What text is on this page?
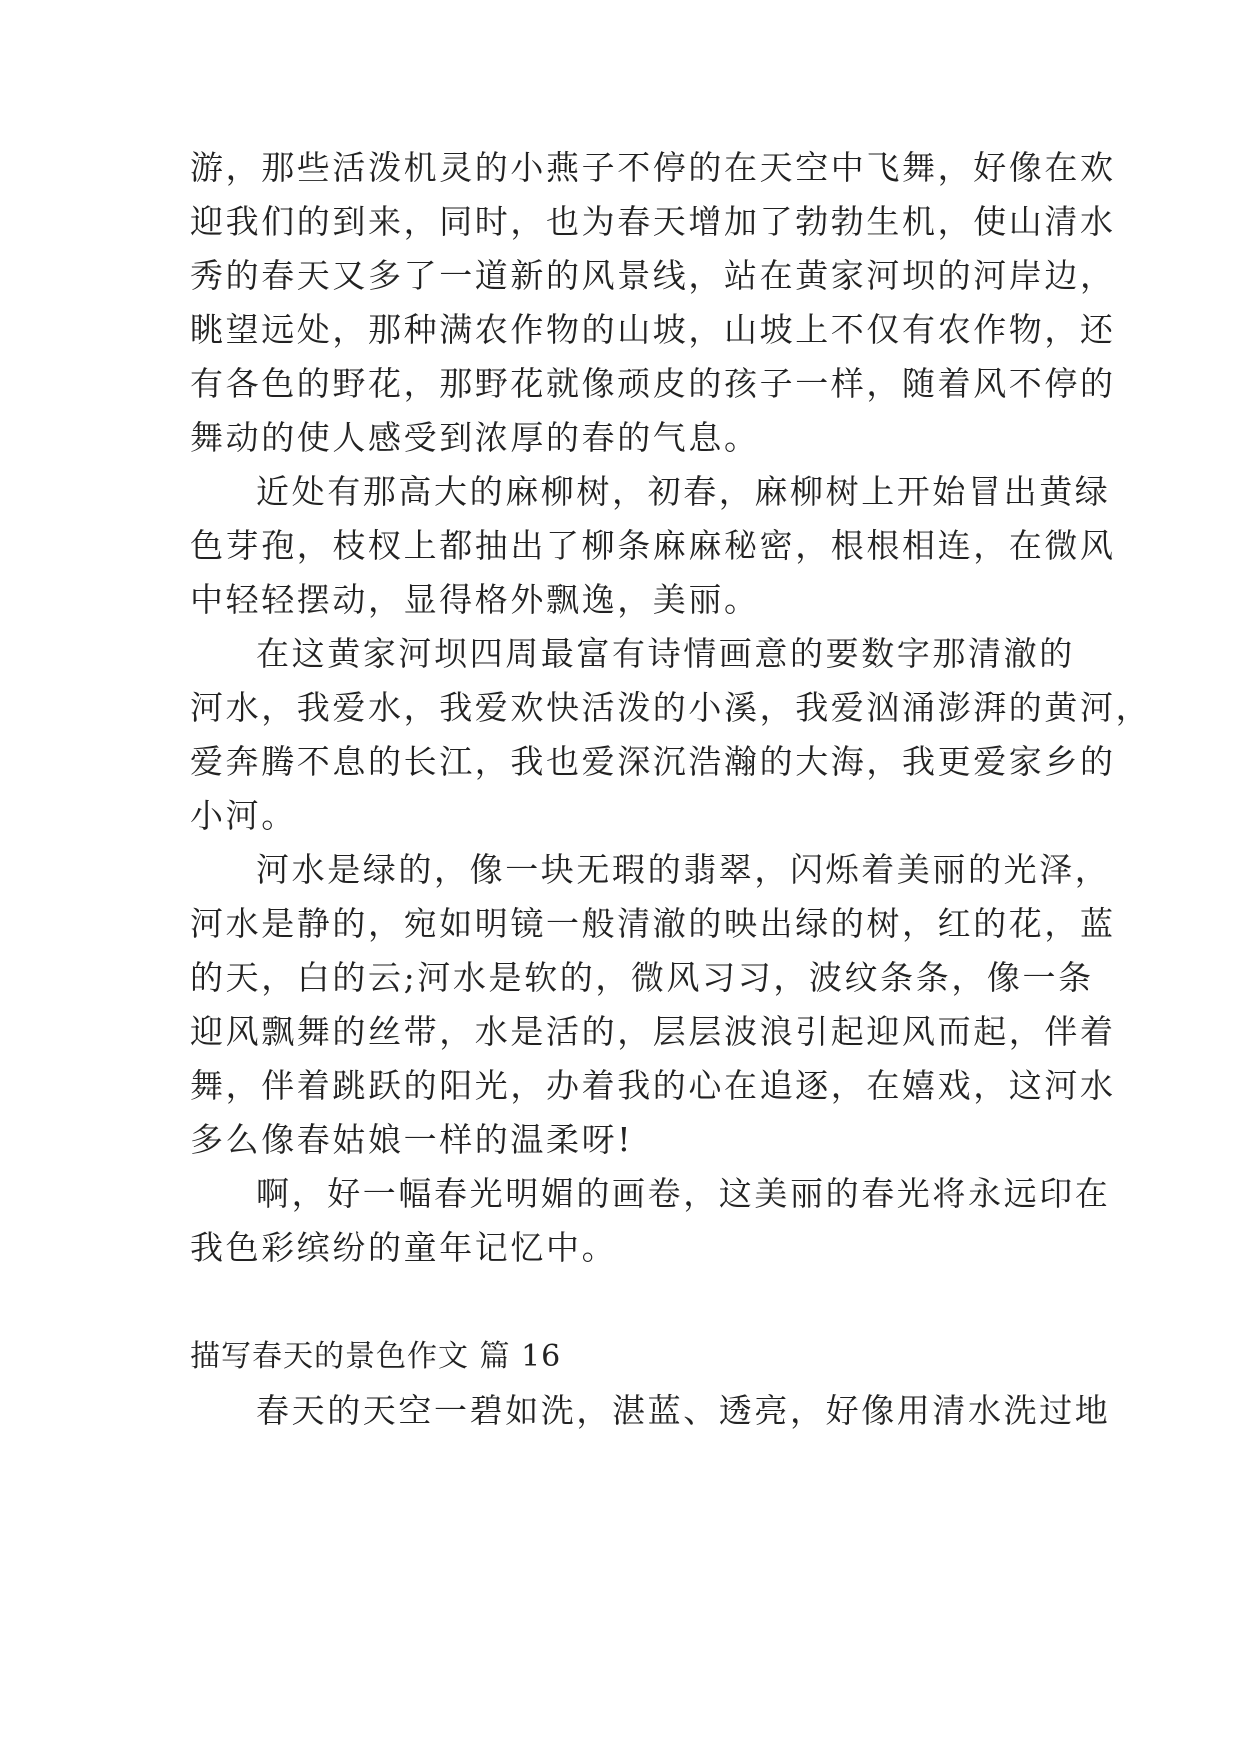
游，那些活泼机灵的小燕子不停的在天空中飞舞，好像在欢
迎我们的到来，同时，也为春天增加了勃勃生机，使山清水
秀的春天又多了一道新的风景线，站在黄家河坝的河岸边，
眺望远处，那种满农作物的山坡，山坡上不仅有农作物，还
有各色的野花，那野花就像顽皮的孩子一样，随着风不停的
舞动的使人感受到浓厚的春的气息。
近处有那高大的麻柳树，初春，麻柳树上开始冒出黄绿
色芽孢，枝杈上都抽出了柳条麻麻秘密，根根相连，在微风
中轻轻摆动，显得格外飘逸，美丽。
在这黄家河坝四周最富有诗情画意的要数字那清澈的
河水，我爱水，我爱欢快活泼的小溪，我爱汹涌澎湃的黄河，
爱奔腾不息的长江，我也爱深沉浩瀚的大海，我更爱家乡的
小河。
河水是绿的，像一块无瑕的翡翠，闪烁着美丽的光泽，
河水是静的，宛如明镜一般清澈的映出绿的树，红的花，蓝
的天，白的云;河水是软的，微风习习，波纹条条，像一条
迎风飘舞的丝带，水是活的，层层波浪引起迎风而起，伴着
舞，伴着跳跃的阳光，办着我的心在追逐，在嬉戏，这河水
多么像春姑娘一样的温柔呀!
啊，好一幅春光明媚的画卷，这美丽的春光将永远印在
我色彩缤纷的童年记忆中。
描写春天的景色作文 篇 16
春天的天空一碧如洗，湛蓝、透亮，好像用清水洗过地
